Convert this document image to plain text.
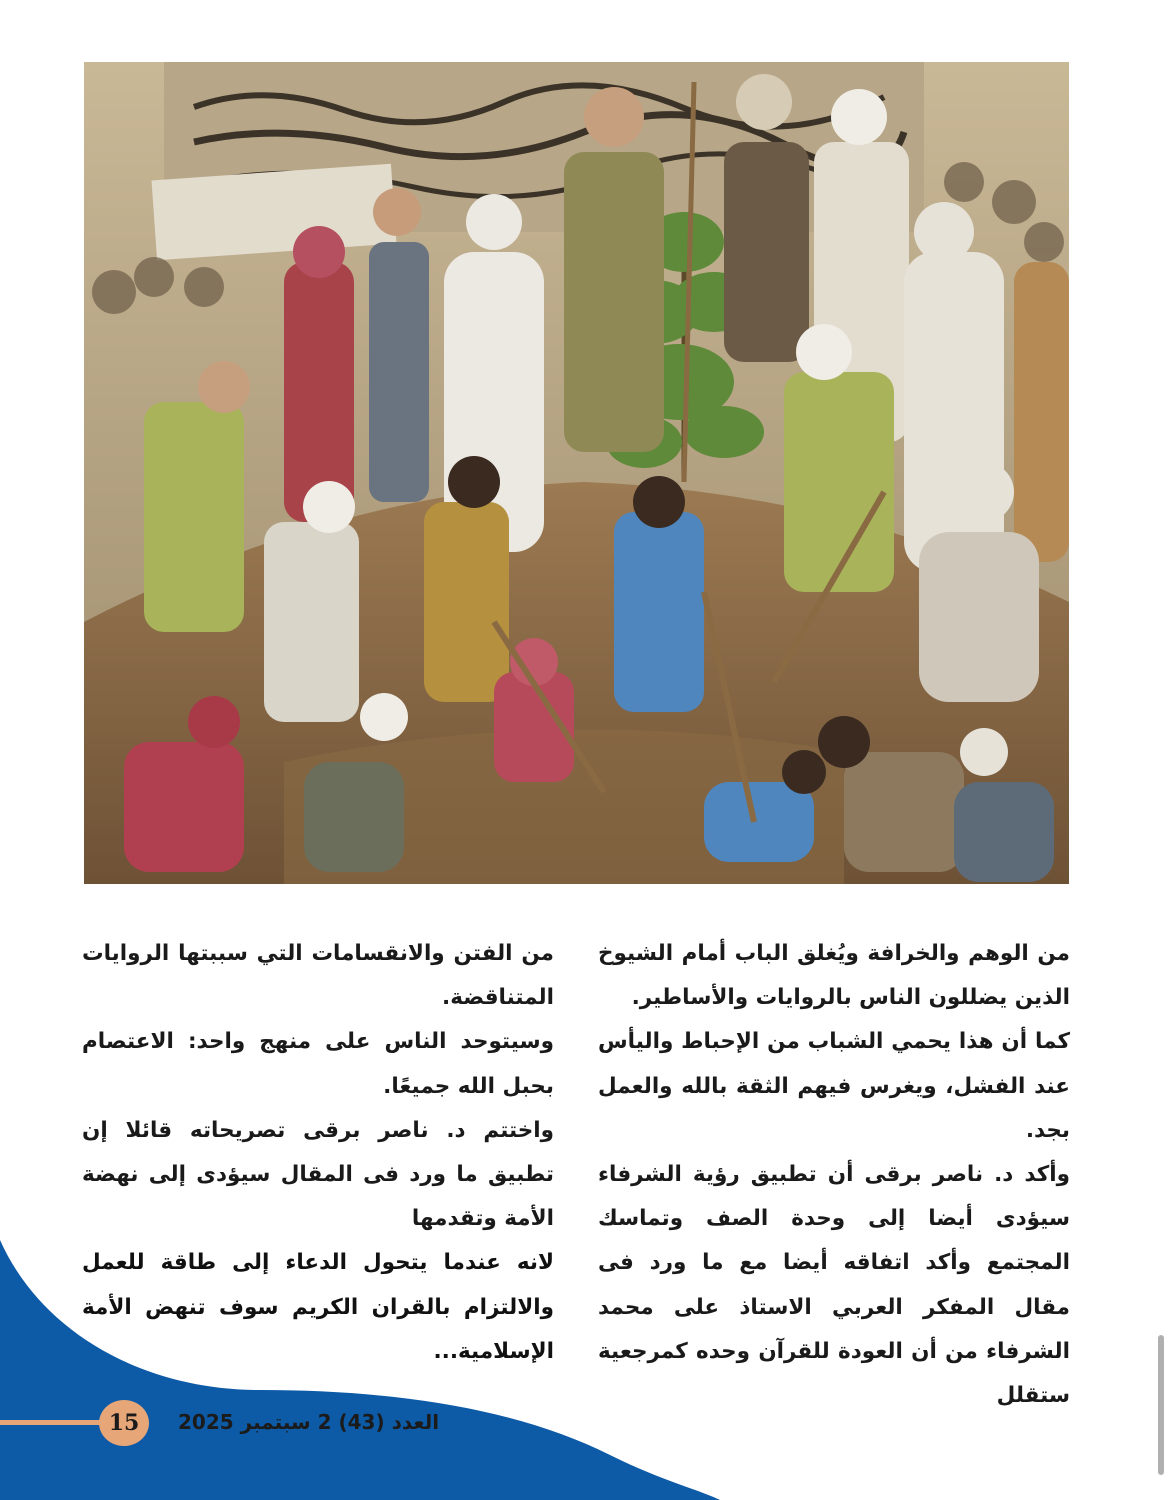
من الوهم والخرافة ويُغلق الباب أمام الشيوخ الذين يضللون الناس بالروايات والأساطير.

كما أن هذا يحمي الشباب من الإحباط واليأس عند الفشل، ويغرس فيهم الثقة بالله والعمل بجد.

وأكد د. ناصر برقى أن تطبيق رؤية الشرفاء سيؤدى أيضا إلى وحدة الصف وتماسك المجتمع وأكد اتفاقه أيضا مع ما ورد فى مقال المفكر العربي الاستاذ على محمد الشرفاء من أن العودة للقرآن وحده كمرجعية ستقلل

من الفتن والانقسامات التي سببتها الروايات المتناقضة.

وسيتوحد الناس على منهج واحد: الاعتصام بحبل الله جميعًا.

واختتم د. ناصر برقى تصريحاته قائلا إن تطبيق ما ورد فى المقال سيؤدى إلى نهضة الأمة وتقدمها

لانه عندما يتحول الدعاء إلى طاقة للعمل والالتزام بالقران الكريم سوف تنهض الأمة الإسلامية...

15 العدد (43) 2 سبتمبر 2025
